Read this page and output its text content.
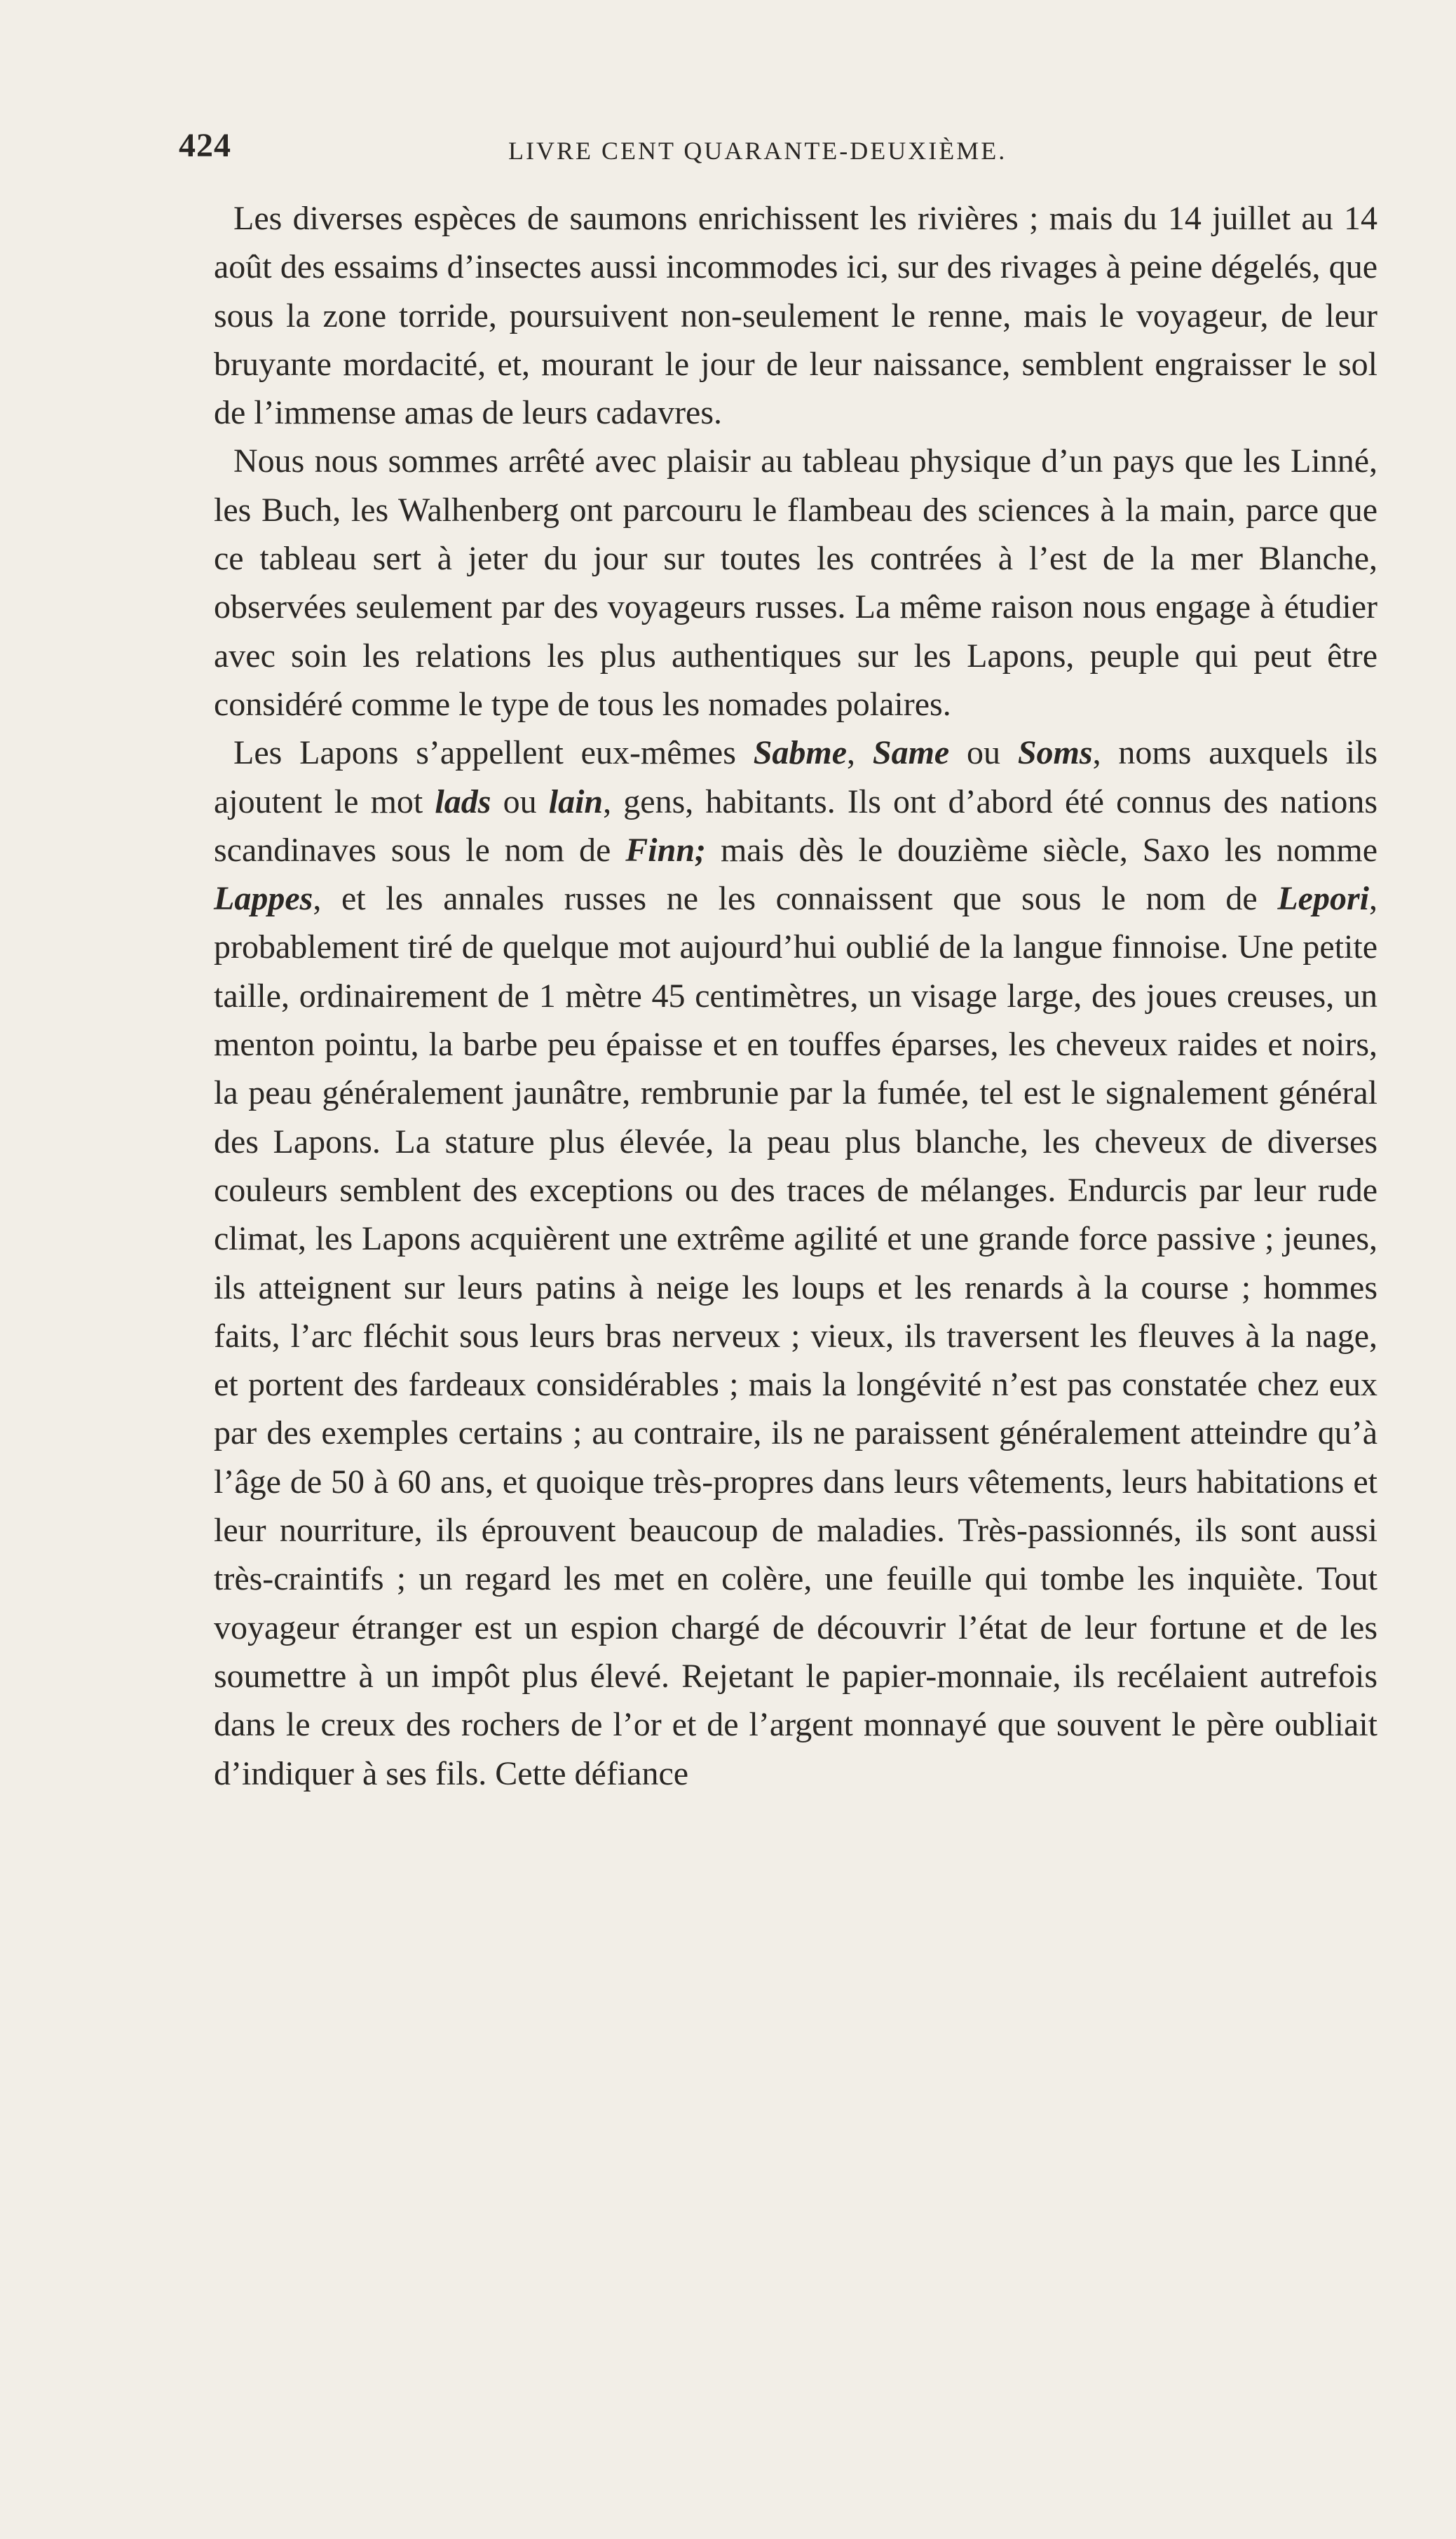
424	LIVRE CENT QUARANTE-DEUXIÈME.

Les diverses espèces de saumons enrichissent les rivières ; mais du 14 juillet au 14 août des essaims d’insectes aussi incommodes ici, sur des rivages à peine dégelés, que sous la zone torride, poursuivent non-seulement le renne, mais le voyageur, de leur bruyante mordacité, et, mourant le jour de leur naissance, semblent engraisser le sol de l’immense amas de leurs cadavres.

Nous nous sommes arrêté avec plaisir au tableau physique d’un pays que les Linné, les Buch, les Walhenberg ont parcouru le flambeau des sciences à la main, parce que ce tableau sert à jeter du jour sur toutes les contrées à l’est de la mer Blanche, observées seulement par des voyageurs russes. La même raison nous engage à étudier avec soin les relations les plus authentiques sur les Lapons, peuple qui peut être considéré comme le type de tous les nomades polaires.

Les Lapons s’appellent eux-mêmes Sabme, Same ou Soms, noms auxquels ils ajoutent le mot lads ou lain, gens, habitants. Ils ont d’abord été connus des nations scandinaves sous le nom de Finn; mais dès le douzième siècle, Saxo les nomme Lappes, et les annales russes ne les connaissent que sous le nom de Lepori, probablement tiré de quelque mot aujourd’hui oublié de la langue finnoise. Une petite taille, ordinairement de 1 mètre 45 centimètres, un visage large, des joues creuses, un menton pointu, la barbe peu épaisse et en touffes éparses, les cheveux raides et noirs, la peau généralement jaunâtre, rembrunie par la fumée, tel est le signalement général des Lapons. La stature plus élevée, la peau plus blanche, les cheveux de diverses couleurs semblent des exceptions ou des traces de mélanges. Endurcis par leur rude climat, les Lapons acquièrent une extrême agilité et une grande force passive ; jeunes, ils atteignent sur leurs patins à neige les loups et les renards à la course ; hommes faits, l’arc fléchit sous leurs bras nerveux ; vieux, ils traversent les fleuves à la nage, et portent des fardeaux considérables ; mais la longévité n’est pas constatée chez eux par des exemples certains ; au contraire, ils ne paraissent généralement atteindre qu’à l’âge de 50 à 60 ans, et quoique très-propres dans leurs vêtements, leurs habitations et leur nourriture, ils éprouvent beaucoup de maladies. Très-passionnés, ils sont aussi très-craintifs ; un regard les met en colère, une feuille qui tombe les inquiète. Tout voyageur étranger est un espion chargé de découvrir l’état de leur fortune et de les soumettre à un impôt plus élevé. Rejetant le papier-monnaie, ils recélaient autrefois dans le creux des rochers de l’or et de l’argent monnayé que souvent le père oubliait d’indiquer à ses fils. Cette défiance
